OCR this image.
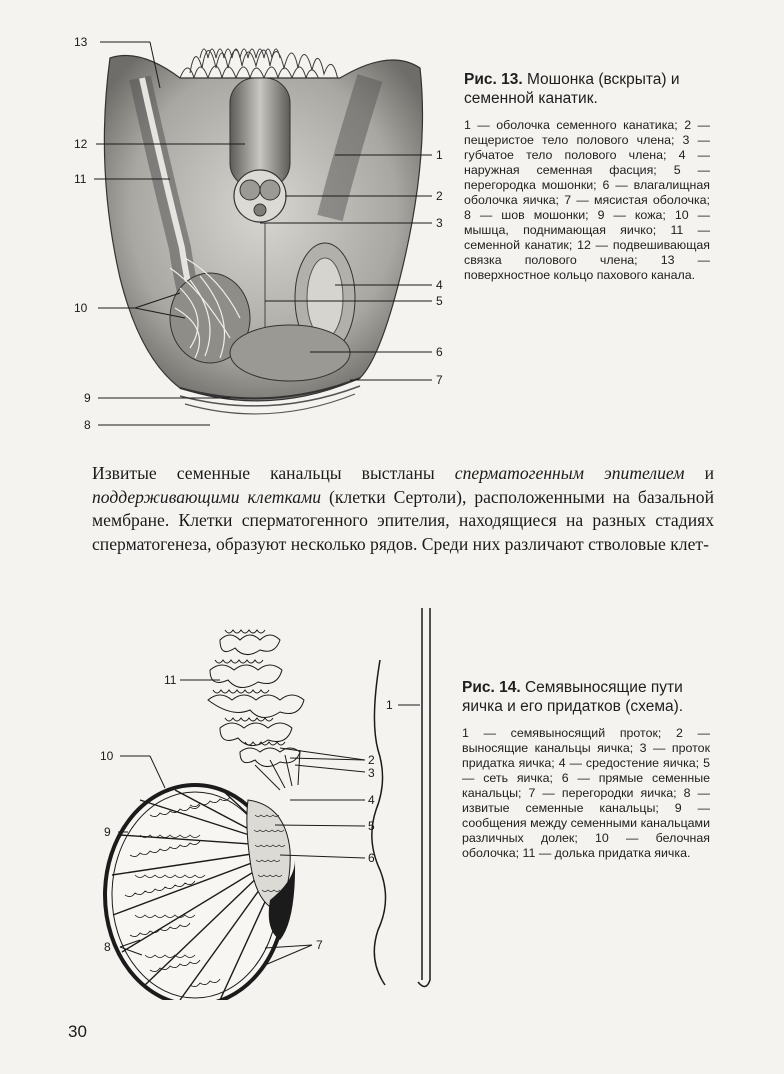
13
12
11
10
9
8
1
2
3
4
5
6
7
Рис. 13. Мошонка (вскрыта) и семенной канатик.
1 — оболочка семенного канатика; 2 — пещеристое тело полового члена; 3 — губчатое тело полового члена; 4 — наружная семенная фасция; 5 — перегородка мошонки; 6 — влагалищная оболочка яичка; 7 — мясистая оболочка; 8 — шов мошонки; 9 — кожа; 10 — мышца, поднимающая яичко; 11 — семенной канатик; 12 — подвешивающая связка полового члена; 13 — поверхностное кольцо пахового канала.
Извитые семенные канальцы выстланы сперматогенным эпителием и поддерживающими клетками (клетки Сертоли), расположенными на базальной мембране. Клетки сперматогенного эпителия, находящиеся на разных стадиях сперматогенеза, образуют несколько рядов. Среди них различают стволовые клет-
11
10
9
8
1
2
3
4
5
6
7
Рис. 14. Семявыносящие пути яичка и его придатков (схема).
1 — семявыносящий проток; 2 — выносящие канальцы яичка; 3 — проток придатка яичка; 4 — средостение яичка; 5 — сеть яичка; 6 — прямые семенные канальцы; 7 — перегородки яичка; 8 — извитые семенные канальцы; 9 — сообщения между семенными канальцами различных долек; 10 — белочная оболочка; 11 — долька придатка яичка.
30
